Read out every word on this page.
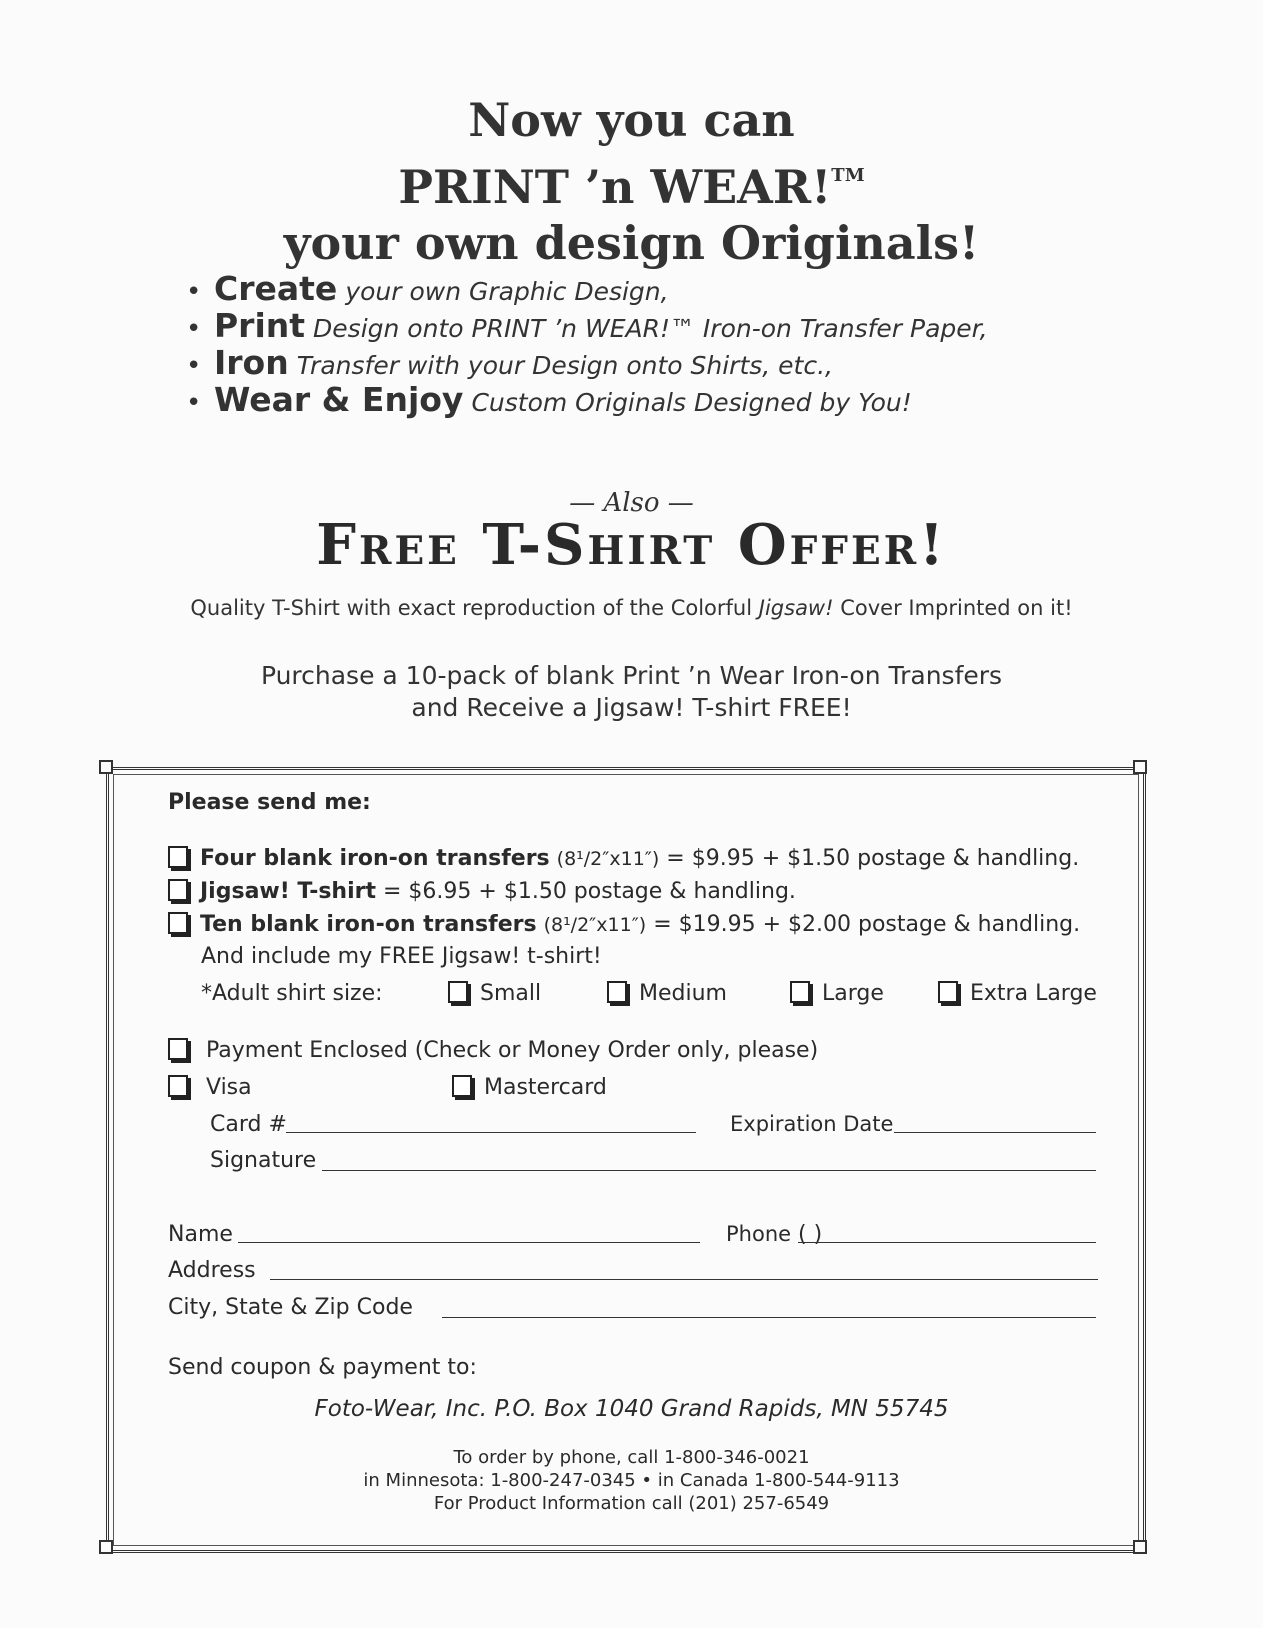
Now you can
PRINT ’n WEAR!™
your own design Originals!
• Create your own Graphic Design,
• Print Design onto PRINT ’n WEAR!™ Iron-on Transfer Paper,
• Iron Transfer with your Design onto Shirts, etc.,
• Wear & Enjoy Custom Originals Designed by You!
— Also —
Free T-Shirt Offer!
Quality T-Shirt with exact reproduction of the Colorful Jigsaw! Cover Imprinted on it!
Purchase a 10-pack of blank Print ’n Wear Iron-on Transfers
and Receive a Jigsaw! T-shirt FREE!
Please send me:
Four blank iron-on transfers (8¹/2″x11″) = $9.95 + $1.50 postage & handling.
Jigsaw! T-shirt = $6.95 + $1.50 postage & handling.
Ten blank iron-on transfers (8¹/2″x11″) = $19.95 + $2.00 postage & handling.
And include my FREE Jigsaw! t-shirt!
*Adult shirt size:	Small	Medium	Large	Extra Large
Payment Enclosed (Check or Money Order only, please)
Visa	Mastercard
Card #	Expiration Date
Signature
Name	Phone ( )
Address
City, State & Zip Code
Send coupon & payment to:
Foto-Wear, Inc. P.O. Box 1040 Grand Rapids, MN 55745
To order by phone, call 1-800-346-0021
in Minnesota: 1-800-247-0345 • in Canada 1-800-544-9113
For Product Information call (201) 257-6549
